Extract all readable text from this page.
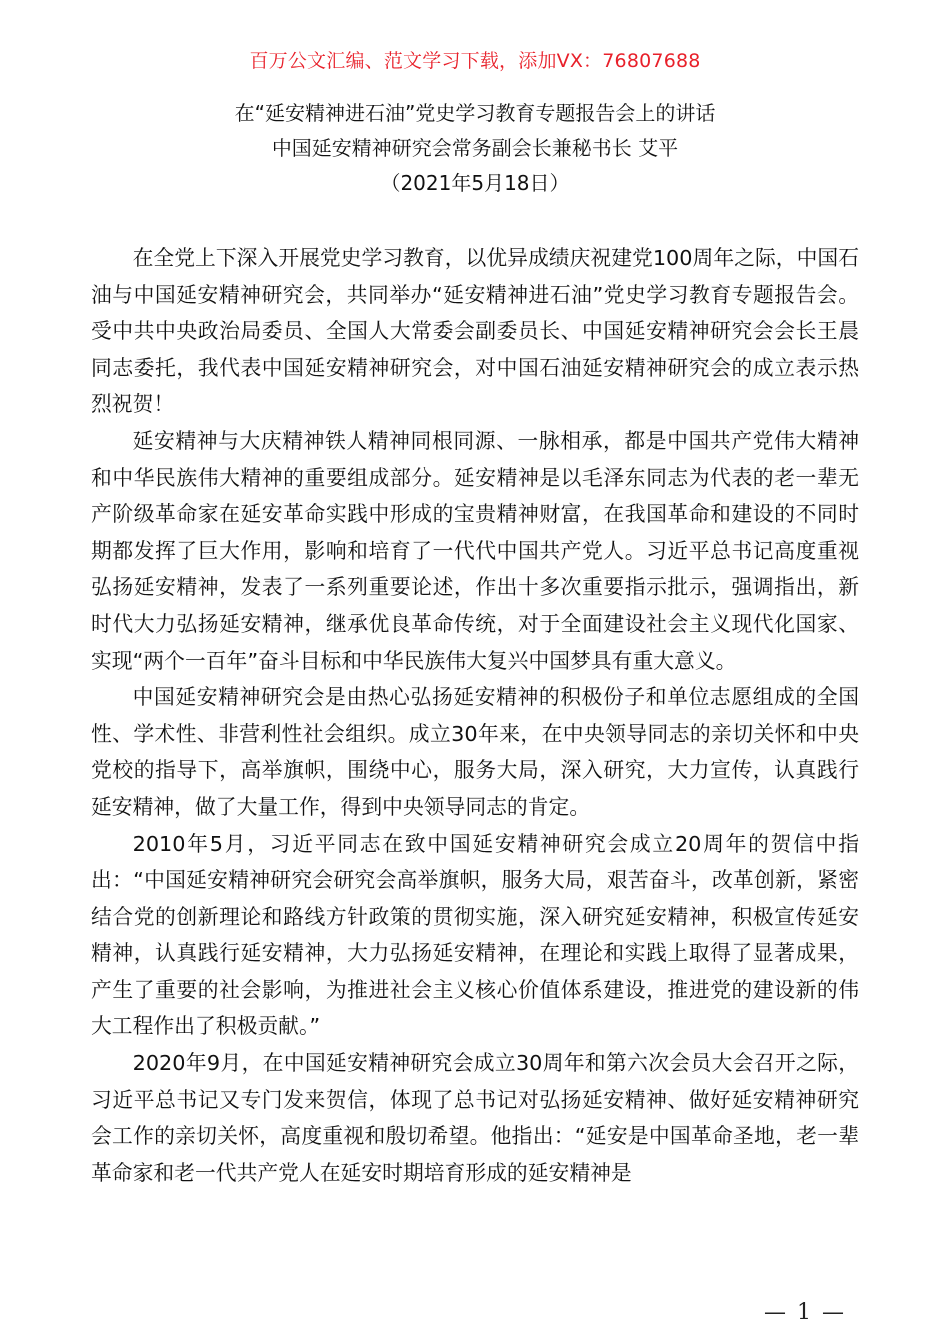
百万公文汇编、范文学习下载，添加VX：76807688
在“延安精神进石油”党史学习教育专题报告会上的讲话
中国延安精神研究会常务副会长兼秘书长 艾平
（2021年5月18日）

在全党上下深入开展党史学习教育，以优异成绩庆祝建党100周年之际，中国石油与中国延安精神研究会，共同举办“延安精神进石油”党史学习教育专题报告会。受中共中央政治局委员、全国人大常委会副委员长、中国延安精神研究会会长王晨同志委托，我代表中国延安精神研究会，对中国石油延安精神研究会的成立表示热烈祝贺！

延安精神与大庆精神铁人精神同根同源、一脉相承，都是中国共产党伟大精神和中华民族伟大精神的重要组成部分。延安精神是以毛泽东同志为代表的老一辈无产阶级革命家在延安革命实践中形成的宝贵精神财富，在我国革命和建设的不同时期都发挥了巨大作用，影响和培育了一代代中国共产党人。习近平总书记高度重视弘扬延安精神，发表了一系列重要论述，作出十多次重要指示批示，强调指出，新时代大力弘扬延安精神，继承优良革命传统，对于全面建设社会主义现代化国家、实现“两个一百年”奋斗目标和中华民族伟大复兴中国梦具有重大意义。

中国延安精神研究会是由热心弘扬延安精神的积极份子和单位志愿组成的全国性、学术性、非营利性社会组织。成立30年来，在中央领导同志的亲切关怀和中央党校的指导下，高举旗帜，围绕中心，服务大局，深入研究，大力宣传，认真践行延安精神，做了大量工作，得到中央领导同志的肯定。

2010年5月，习近平同志在致中国延安精神研究会成立20周年的贺信中指出：“中国延安精神研究会研究会高举旗帜，服务大局，艰苦奋斗，改革创新，紧密结合党的创新理论和路线方针政策的贯彻实施，深入研究延安精神，积极宣传延安精神，认真践行延安精神，大力弘扬延安精神，在理论和实践上取得了显著成果，产生了重要的社会影响，为推进社会主义核心价值体系建设，推进党的建设新的伟大工程作出了积极贡献。”

2020年9月，在中国延安精神研究会成立30周年和第六次会员大会召开之际，习近平总书记又专门发来贺信，体现了总书记对弘扬延安精神、做好延安精神研究会工作的亲切关怀，高度重视和殷切希望。他指出：“延安是中国革命圣地，老一辈革命家和老一代共产党人在延安时期培育形成的延安精神是

— 1 —
